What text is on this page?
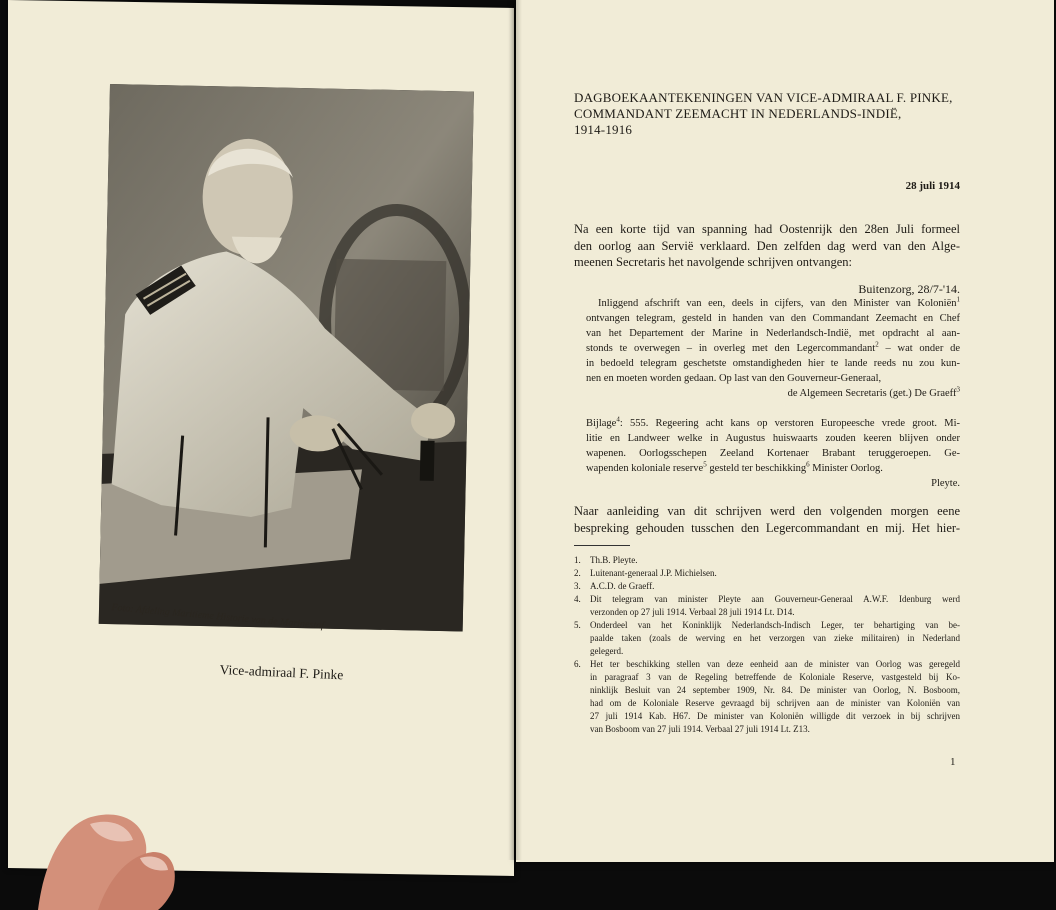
Foto: Afdeling Maritieme Historie van de Marinestaf
Vice-admiraal F. Pinke
DAGBOEKAANTEKENINGEN VAN VICE-ADMIRAAL F. PINKE,
COMMANDANT ZEEMACHT IN NEDERLANDS-INDIË,
1914-1916
28 juli 1914
Na een korte tijd van spanning had Oostenrijk den 28en Juli formeel
den oorlog aan Servië verklaard. Den zelfden dag werd van den Alge-
meenen Secretaris het navolgende schrijven ontvangen:
Buitenzorg, 28/7-'14.
Inliggend afschrift van een, deels in cijfers, van den Minister van Koloniën$^1$
ontvangen telegram, gesteld in handen van den Commandant Zeemacht en Chef
van het Departement der Marine in Nederlandsch-Indië, met opdracht al aan-
stonds te overwegen – in overleg met den Legercommandant$^2$ – wat onder de
in bedoeld telegram geschetste omstandigheden hier te lande reeds nu zou kun-
nen en moeten worden gedaan. Op last van den Gouverneur-Generaal,
de Algemeen Secretaris (get.) De Graeff$^3$
Bijlage$^4$: 555. Regeering acht kans op verstoren Europeesche vrede groot. Mi-
litie en Landweer welke in Augustus huiswaarts zouden keeren blijven onder
wapenen. Oorlogsschepen Zeeland Kortenaer Brabant teruggeroepen. Ge-
wapenden koloniale reserve$^5$ gesteld ter beschikking$^6$ Minister Oorlog.
Pleyte.
Naar aanleiding van dit schrijven werd den volgenden morgen eene
bespreking gehouden tusschen den Legercommandant en mij. Het hier-
1.	Th.B. Pleyte.
2.	Luitenant-generaal J.P. Michielsen.
3.	A.C.D. de Graeff.
4.	Dit telegram van minister Pleyte aan Gouverneur-Generaal A.W.F. Idenburg werd
verzonden op 27 juli 1914. Verbaal 28 juli 1914 Lt. D14.
5.	Onderdeel van het Koninklijk Nederlandsch-Indisch Leger, ter behartiging van be-
paalde taken (zoals de werving en het verzorgen van zieke militairen) in Nederland
gelegerd.
6.	Het ter beschikking stellen van deze eenheid aan de minister van Oorlog was geregeld
in paragraaf 3 van de Regeling betreffende de Koloniale Reserve, vastgesteld bij Ko-
ninklijk Besluit van 24 september 1909, Nr. 84. De minister van Oorlog, N. Bosboom,
had om de Koloniale Reserve gevraagd bij schrijven aan de minister van Koloniën van
27 juli 1914 Kab. H67. De minister van Koloniën willigde dit verzoek in bij schrijven
van Bosboom van 27 juli 1914. Verbaal 27 juli 1914 Lt. Z13.
1
